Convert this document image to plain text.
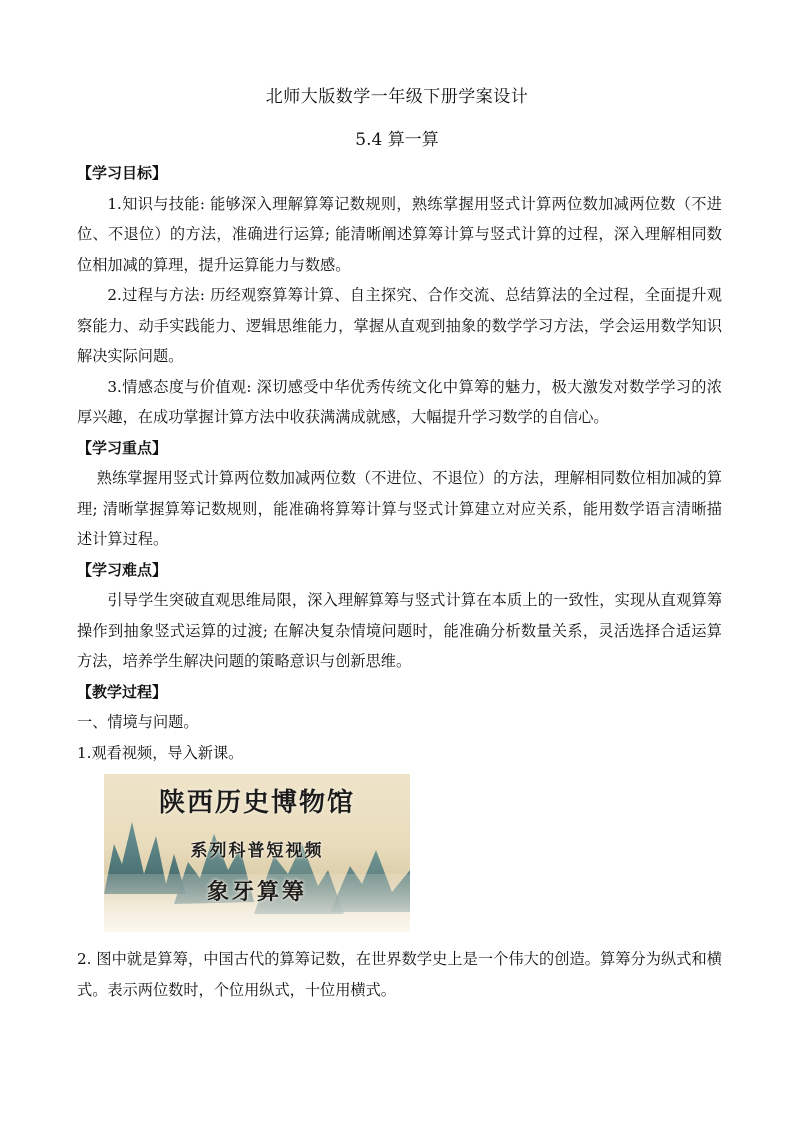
北师大版数学一年级下册学案设计
5.4 算一算

【学习目标】

1.知识与技能: 能够深入理解算筹记数规则，熟练掌握用竖式计算两位数加减两位数（不进位、不退位）的方法，准确进行运算; 能清晰阐述算筹计算与竖式计算的过程，深入理解相同数位相加减的算理，提升运算能力与数感。

2.过程与方法: 历经观察算筹计算、自主探究、合作交流、总结算法的全过程，全面提升观察能力、动手实践能力、逻辑思维能力，掌握从直观到抽象的数学学习方法，学会运用数学知识解决实际问题。

3.情感态度与价值观: 深切感受中华优秀传统文化中算筹的魅力，极大激发对数学学习的浓厚兴趣，在成功掌握计算方法中收获满满成就感，大幅提升学习数学的自信心。

【学习重点】

熟练掌握用竖式计算两位数加减两位数（不进位、不退位）的方法，理解相同数位相加减的算理; 清晰掌握算筹记数规则，能准确将算筹计算与竖式计算建立对应关系，能用数学语言清晰描述计算过程。

【学习难点】

引导学生突破直观思维局限，深入理解算筹与竖式计算在本质上的一致性，实现从直观算筹操作到抽象竖式运算的过渡; 在解决复杂情境问题时，能准确分析数量关系，灵活选择合适运算方法，培养学生解决问题的策略意识与创新思维。

【教学过程】

一、情境与问题。

1.观看视频，导入新课。

陕西历史博物馆
系列科普短视频
象牙算筹

2. 图中就是算筹，中国古代的算筹记数，在世界数学史上是一个伟大的创造。算筹分为纵式和横式。表示两位数时，个位用纵式，十位用横式。
